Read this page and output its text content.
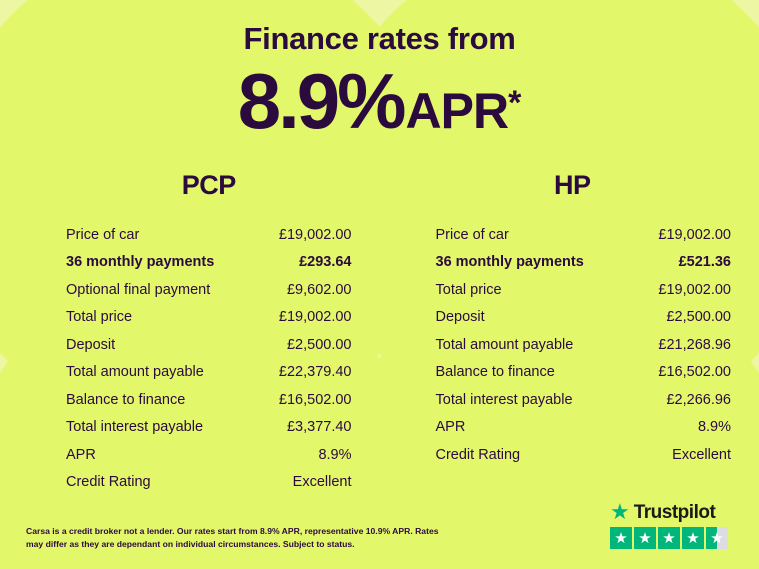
Finance rates from
8.9% APR *
PCP
Price of car	£19,002.00
36 monthly payments	£293.64
Optional final payment	£9,602.00
Total price	£19,002.00
Deposit	£2,500.00
Total amount payable	£22,379.40
Balance to finance	£16,502.00
Total interest payable	£3,377.40
APR	8.9%
Credit Rating	Excellent
HP
Price of car	£19,002.00
36 monthly payments	£521.36
Total price	£19,002.00
Deposit	£2,500.00
Total amount payable	£21,268.96
Balance to finance	£16,502.00
Total interest payable	£2,266.96
APR	8.9%
Credit Rating	Excellent
Carsa is a credit broker not a lender. Our rates start from 8.9% APR, representative 10.9% APR. Rates may differ as they are dependant on individual circumstances. Subject to status.
★ Trustpilot
★ ★ ★ ★ ★
